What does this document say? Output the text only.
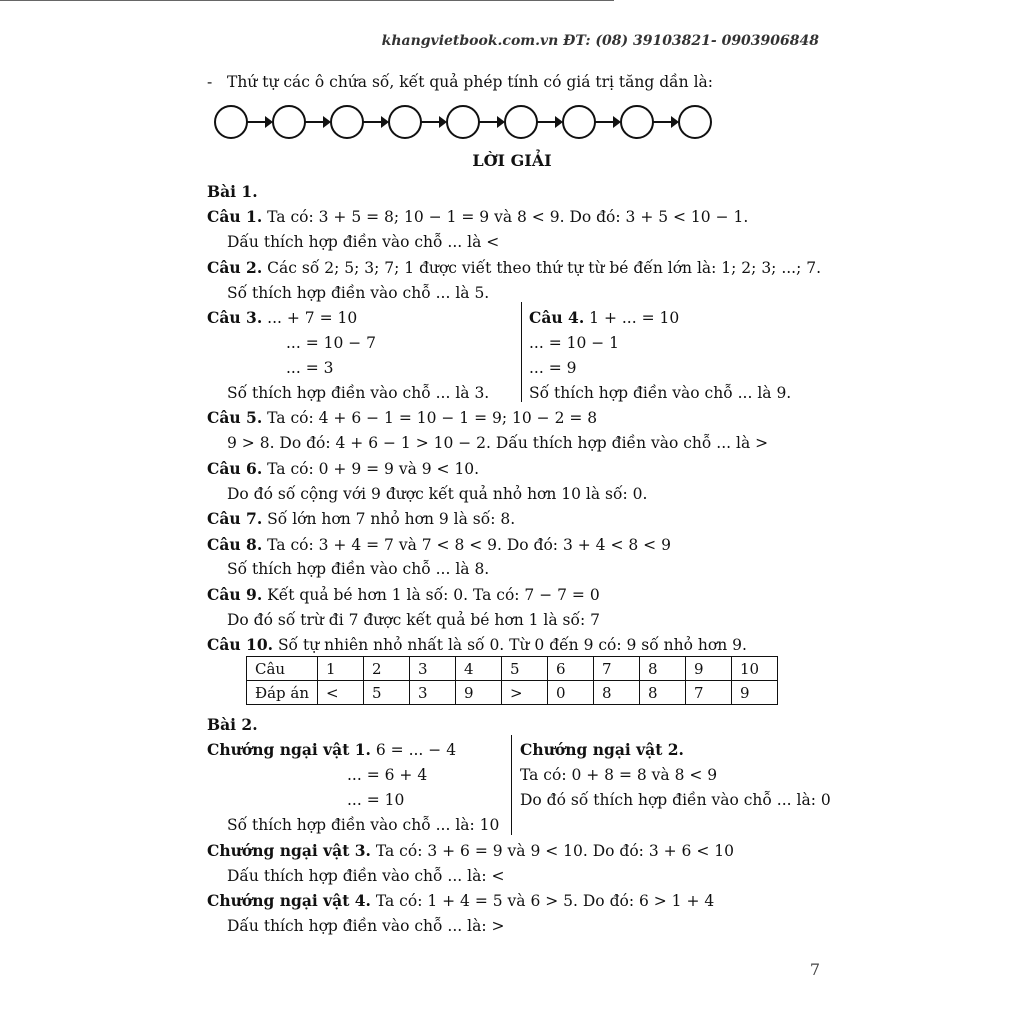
khangvietbook.com.vn ĐT: (08) 39103821- 0903906848
- Thứ tự các ô chứa số, kết quả phép tính có giá trị tăng dần là:
LỜI GIẢI
Bài 1.
Câu 1. Ta có: 3 + 5 = 8; 10 − 1 = 9 và 8 < 9. Do đó: 3 + 5 < 10 − 1.
Dấu thích hợp điền vào chỗ ... là <
Câu 2. Các số 2; 5; 3; 7; 1 được viết theo thứ tự từ bé đến lớn là: 1; 2; 3; ...; 7.
Số thích hợp điền vào chỗ ... là 5.
Câu 3. ... + 7 = 10
... = 10 − 7
... = 3
Số thích hợp điền vào chỗ ... là 3.
Câu 4. 1 + ... = 10
... = 10 − 1
... = 9
Số thích hợp điền vào chỗ ... là 9.
Câu 5. Ta có: 4 + 6 − 1 = 10 − 1 = 9; 10 − 2 = 8
9 > 8. Do đó: 4 + 6 − 1 > 10 − 2. Dấu thích hợp điền vào chỗ ... là >
Câu 6. Ta có: 0 + 9 = 9 và 9 < 10.
Do đó số cộng với 9 được kết quả nhỏ hơn 10 là số: 0.
Câu 7. Số lớn hơn 7 nhỏ hơn 9 là số: 8.
Câu 8. Ta có: 3 + 4 = 7 và 7 < 8 < 9. Do đó: 3 + 4 < 8 < 9
Số thích hợp điền vào chỗ ... là 8.
Câu 9. Kết quả bé hơn 1 là số: 0. Ta có: 7 − 7 = 0
Do đó số trừ đi 7 được kết quả bé hơn 1 là số: 7
Câu 10. Số tự nhiên nhỏ nhất là số 0. Từ 0 đến 9 có: 9 số nhỏ hơn 9.
Câu	1	2	3	4	5	6	7	8	9	10
Đáp án	<	5	3	9	>	0	8	8	7	9
Bài 2.
Chướng ngại vật 1. 6 = ... − 4
... = 6 + 4
... = 10
Số thích hợp điền vào chỗ ... là: 10
Chướng ngại vật 2.
Ta có: 0 + 8 = 8 và 8 < 9
Do đó số thích hợp điền vào chỗ ... là: 0
Chướng ngại vật 3. Ta có: 3 + 6 = 9 và 9 < 10. Do đó: 3 + 6 < 10
Dấu thích hợp điền vào chỗ ... là: <
Chướng ngại vật 4. Ta có: 1 + 4 = 5 và 6 > 5. Do đó: 6 > 1 + 4
Dấu thích hợp điền vào chỗ ... là: >
7
